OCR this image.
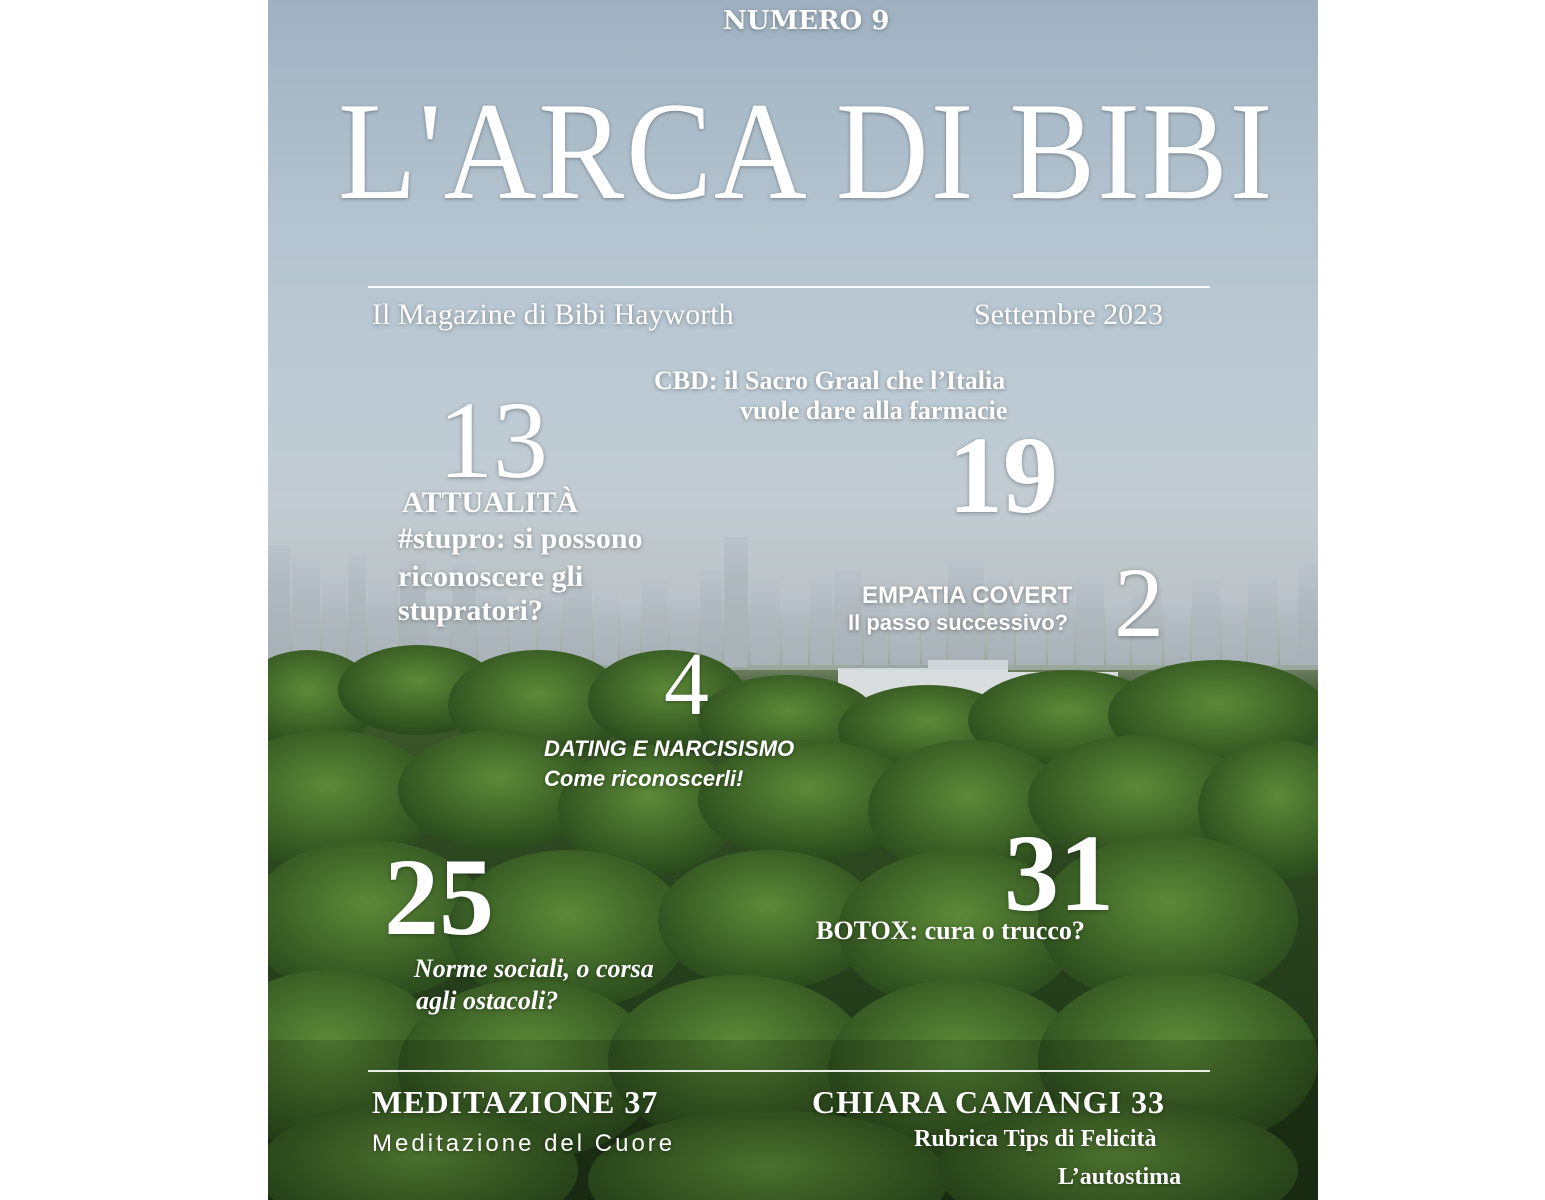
NUMERO 9
L'ARCA DI BIBI
Il Magazine di Bibi Hayworth	Settembre 2023
CBD: il Sacro Graal che l’Italia
vuole dare alla farmacie
19
13
ATTUALITÀ
#stupro: si possono
riconoscere gli
stupratori?	EMPATIA COVERT
Il passo successivo? 2
4
DATING E NARCISISMO
Come riconoscerli!
25
Norme sociali, o corsa
agli ostacoli?
31
BOTOX: cura o trucco?
MEDITAZIONE 37
Meditazione del Cuore
CHIARA CAMANGI 33
Rubrica Tips di Felicità
L’autostima
